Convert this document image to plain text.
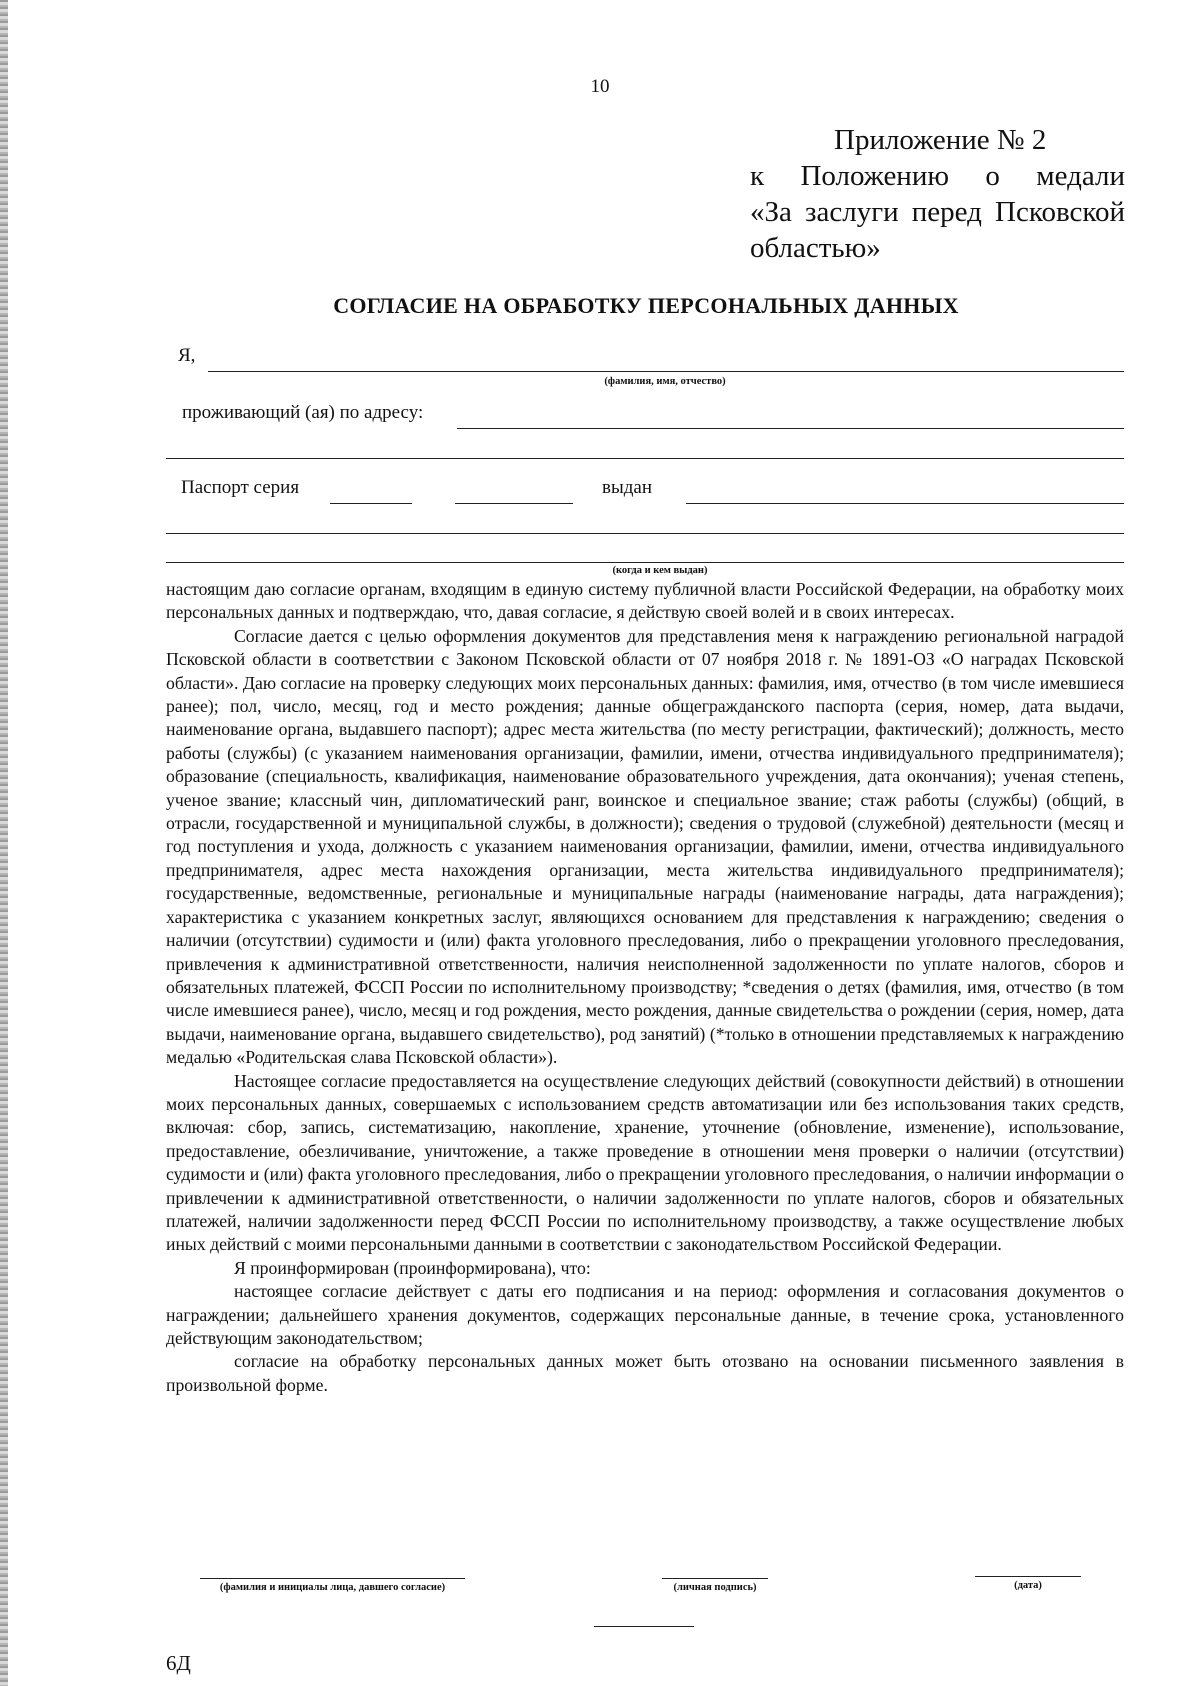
10
Приложение № 2
к Положению о медали
«За заслуги перед Псковской
областью»
СОГЛАСИЕ НА ОБРАБОТКУ ПЕРСОНАЛЬНЫХ ДАННЫХ
Я,
(фамилия, имя, отчество)
проживающий (ая) по адресу:
Паспорт серия	выдан
(когда и кем выдан)

настоящим даю согласие органам, входящим в единую систему публичной власти Российской Федерации, на обработку моих персональных данных и подтверждаю, что, давая согласие, я действую своей волей и в своих интересах.

Согласие дается с целью оформления документов для представления меня к награждению региональной наградой Псковской области в соответствии с Законом Псковской области от 07 ноября 2018 г. № 1891-ОЗ «О наградах Псковской области». Даю согласие на проверку следующих моих персональных данных: фамилия, имя, отчество (в том числе имевшиеся ранее); пол, число, месяц, год и место рождения; данные общегражданского паспорта (серия, номер, дата выдачи, наименование органа, выдавшего паспорт); адрес места жительства (по месту регистрации, фактический); должность, место работы (службы) (с указанием наименования организации, фамилии, имени, отчества индивидуального предпринимателя); образование (специальность, квалификация, наименование образовательного учреждения, дата окончания); ученая степень, ученое звание; классный чин, дипломатический ранг, воинское и специальное звание; стаж работы (службы) (общий, в отрасли, государственной и муниципальной службы, в должности); сведения о трудовой (служебной) деятельности (месяц и год поступления и ухода, должность с указанием наименования организации, фамилии, имени, отчества индивидуального предпринимателя, адрес места нахождения организации, места жительства индивидуального предпринимателя); государственные, ведомственные, региональные и муниципальные награды (наименование награды, дата награждения); характеристика с указанием конкретных заслуг, являющихся основанием для представления к награждению; сведения о наличии (отсутствии) судимости и (или) факта уголовного преследования, либо о прекращении уголовного преследования, привлечения к административной ответственности, наличия неисполненной задолженности по уплате налогов, сборов и обязательных платежей, ФССП России по исполнительному производству; *сведения о детях (фамилия, имя, отчество (в том числе имевшиеся ранее), число, месяц и год рождения, место рождения, данные свидетельства о рождении (серия, номер, дата выдачи, наименование органа, выдавшего свидетельство), род занятий) (*только в отношении представляемых к награждению медалью «Родительская слава Псковской области»).

Настоящее согласие предоставляется на осуществление следующих действий (совокупности действий) в отношении моих персональных данных, совершаемых с использованием средств автоматизации или без использования таких средств, включая: сбор, запись, систематизацию, накопление, хранение, уточнение (обновление, изменение), использование, предоставление, обезличивание, уничтожение, а также проведение в отношении меня проверки о наличии (отсутствии) судимости и (или) факта уголовного преследования, либо о прекращении уголовного преследования, о наличии информации о привлечении к административной ответственности, о наличии задолженности по уплате налогов, сборов и обязательных платежей, наличии задолженности перед ФССП России по исполнительному производству, а также осуществление любых иных действий с моими персональными данными в соответствии с законодательством Российской Федерации.

Я проинформирован (проинформирована), что:

настоящее согласие действует с даты его подписания и на период: оформления и согласования документов о награждении; дальнейшего хранения документов, содержащих персональные данные, в течение срока, установленного действующим законодательством;

согласие на обработку персональных данных может быть отозвано на основании письменного заявления в произвольной форме.

(фамилия и инициалы лица, давшего согласие)	(личная подпись)	(дата)
6Д
